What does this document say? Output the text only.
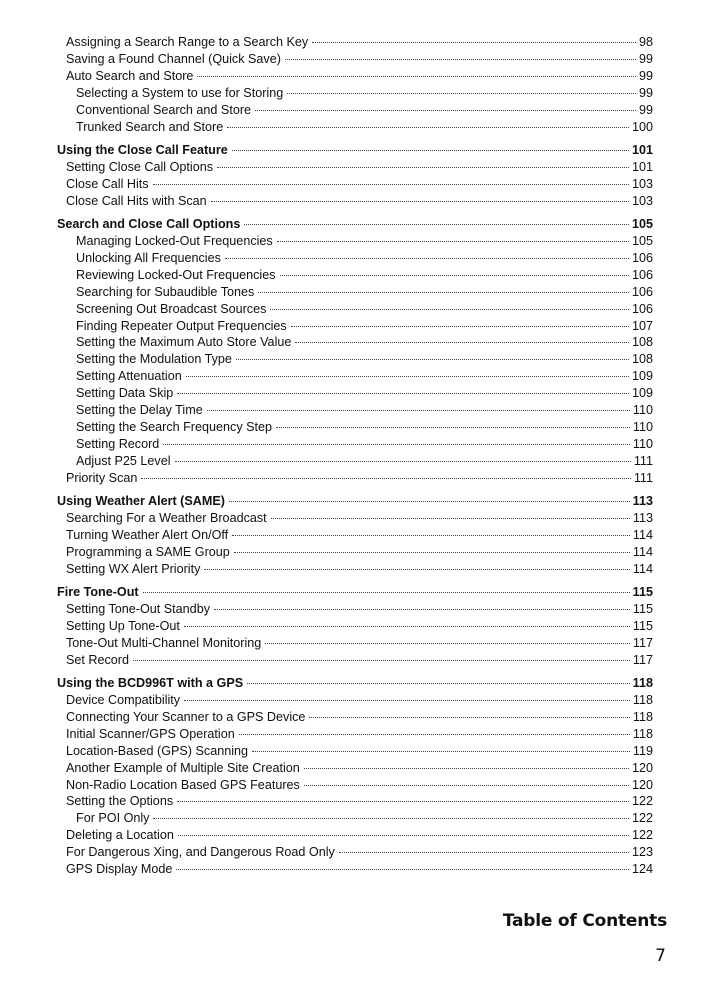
Assigning a Search Range to a Search Key	98
Saving a Found Channel (Quick Save)	99
Auto Search and Store	99
Selecting a System to use for Storing	99
Conventional Search and Store	99
Trunked Search and Store	100
Using the Close Call Feature	101
Setting Close Call Options	101
Close Call Hits	103
Close Call Hits with Scan	103
Search and Close Call Options	105
Managing Locked-Out Frequencies	105
Unlocking All Frequencies	106
Reviewing Locked-Out Frequencies	106
Searching for Subaudible Tones	106
Screening Out Broadcast Sources	106
Finding Repeater Output Frequencies	107
Setting the Maximum Auto Store Value	108
Setting the Modulation Type	108
Setting Attenuation	109
Setting Data Skip	109
Setting the Delay Time	110
Setting the Search Frequency Step	110
Setting Record	110
Adjust P25 Level	111
Priority Scan	111
Using Weather Alert (SAME)	113
Searching For a Weather Broadcast	113
Turning Weather Alert On/Off	114
Programming a SAME Group	114
Setting WX Alert Priority	114
Fire Tone-Out	115
Setting Tone-Out Standby	115
Setting Up Tone-Out	115
Tone-Out Multi-Channel Monitoring	117
Set Record	117
Using the BCD996T with a GPS	118
Device Compatibility	118
Connecting Your Scanner to a GPS Device	118
Initial Scanner/GPS Operation	118
Location-Based (GPS) Scanning	119
Another Example of Multiple Site Creation	120
Non-Radio Location Based GPS Features	120
Setting the Options	122
For POI Only	122
Deleting a Location	122
For Dangerous Xing, and Dangerous Road Only	123
GPS Display Mode	124
Table of Contents
7
